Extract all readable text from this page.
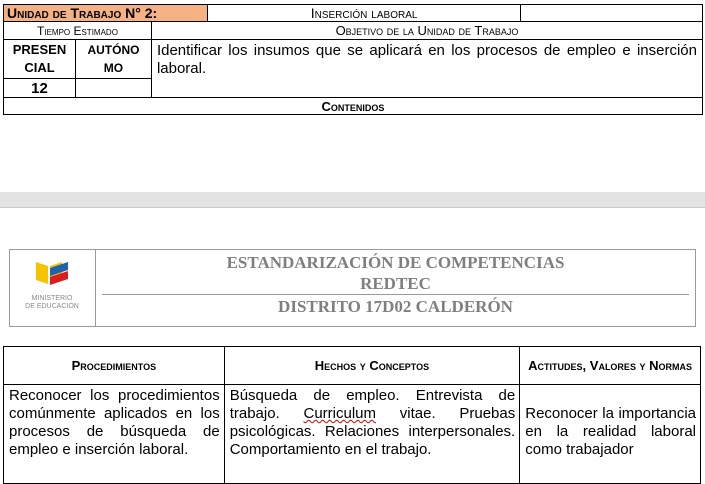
Unidad de Trabajo N° 2:			Inserción laboral	
Tiempo Estimado		Objetivo de la Unidad de Trabajo		
PRESEN CIAL	AUTÓNO MO	Identificar los insumos que se aplicará en los procesos de empleo e inserción laboral.		
12				
Contenidos				
MINISTERIO
DE EDUCACIÓN
ESTANDARIZACIÓN DE COMPETENCIAS
REDTEC
DISTRITO 17D02 CALDERÓN
Procedimientos	Hechos y Conceptos	Actitudes, Valores y Normas
Reconocer los procedimientos comúnmente aplicados en los procesos de búsqueda de empleo e inserción laboral.	Búsqueda de empleo. Entrevista de trabajo. Curriculum vitae. Pruebas psicológicas. Relaciones interpersonales. Comportamiento en el trabajo.	Reconocer la importancia en la realidad laboral como trabajador
